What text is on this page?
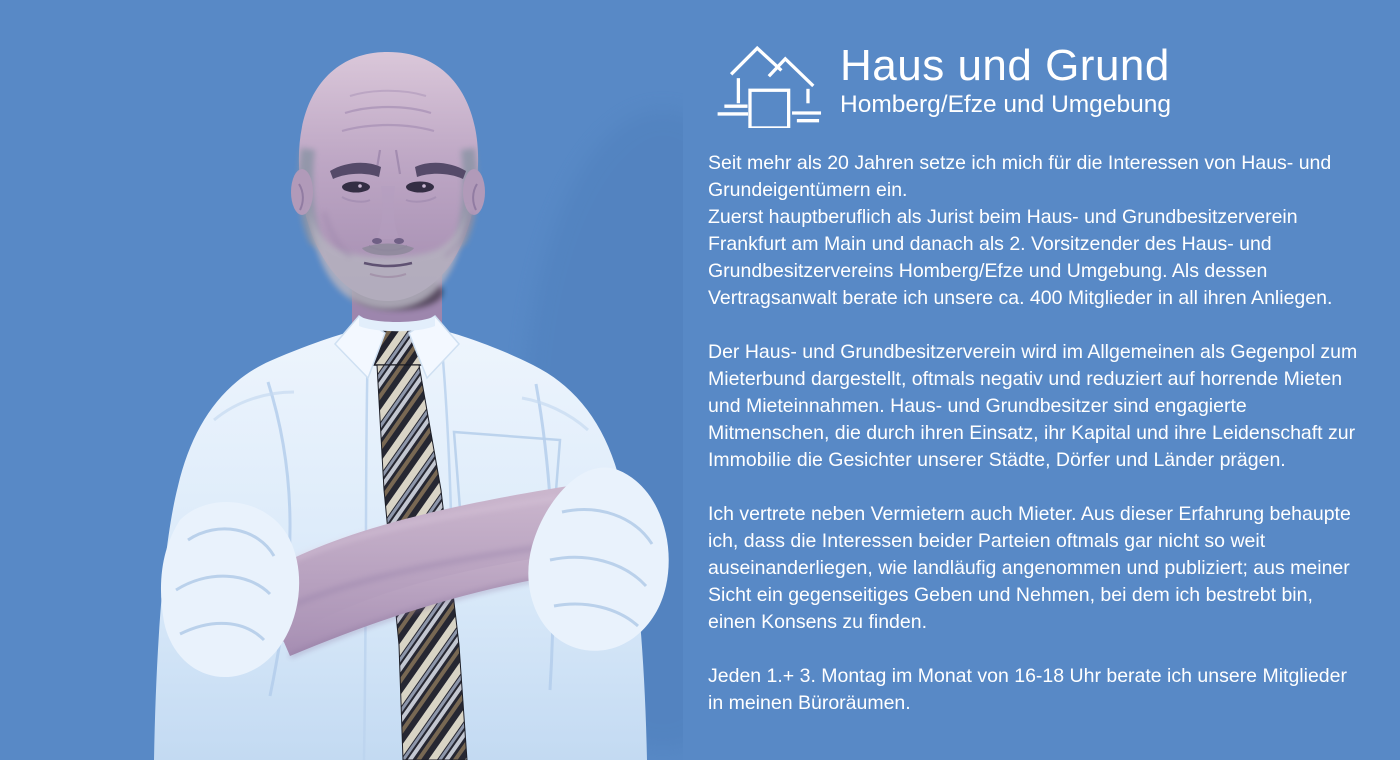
Haus und Grund
Homberg/Efze und Umgebung

Seit mehr als 20 Jahren setze ich mich für die Interessen von Haus- und Grundeigentümern ein.
Zuerst hauptberuflich als Jurist beim Haus- und Grundbesitzerverein Frankfurt am Main und danach als 2. Vorsitzender des Haus- und Grundbesitzervereins Homberg/Efze und Umgebung. Als dessen Vertragsanwalt berate ich unsere ca. 400 Mitglieder in all ihren Anliegen.

Der Haus- und Grundbesitzerverein wird im Allgemeinen als Gegenpol zum Mieterbund dargestellt, oftmals negativ und reduziert auf horrende Mieten und Mieteinnahmen. Haus- und Grundbesitzer sind engagierte Mitmenschen, die durch ihren Einsatz, ihr Kapital und ihre Leidenschaft zur Immobilie die Gesichter unserer Städte, Dörfer und Länder prägen.

Ich vertrete neben Vermietern auch Mieter. Aus dieser Erfahrung behaupte ich, dass die Interessen beider Parteien oftmals gar nicht so weit auseinanderliegen, wie landläufig angenommen und publiziert; aus meiner Sicht ein gegenseitiges Geben und Nehmen, bei dem ich bestrebt bin, einen Konsens zu finden.

Jeden 1.+ 3. Montag im Monat von 16-18 Uhr berate ich unsere Mitglieder in meinen Büroräumen.
